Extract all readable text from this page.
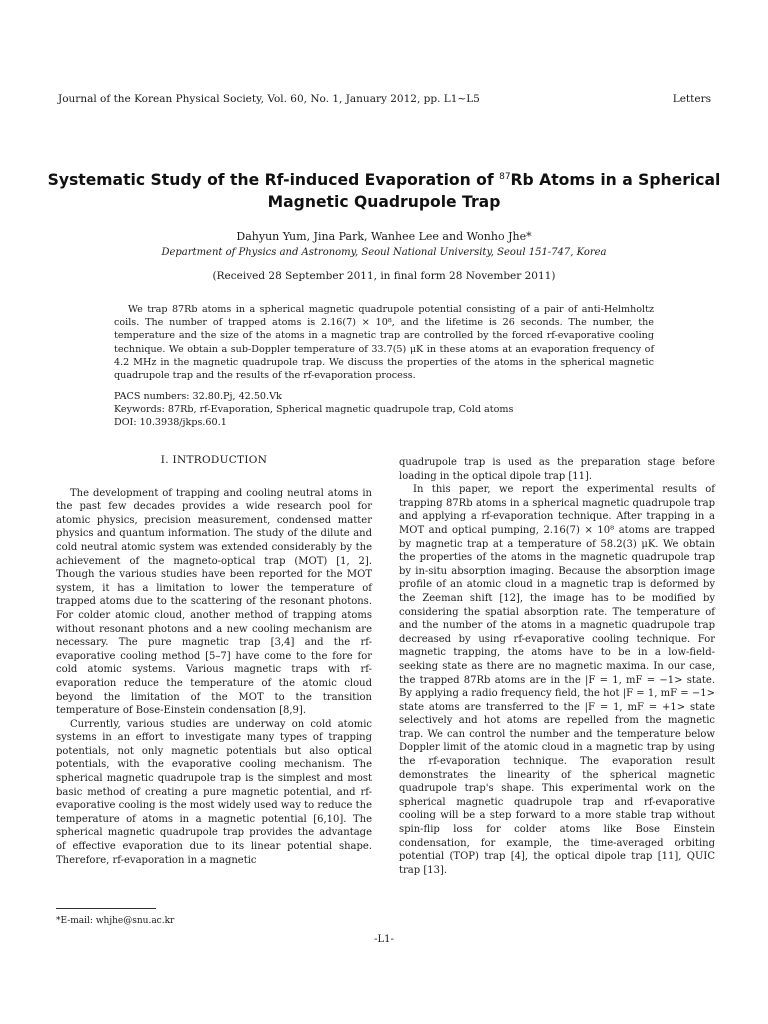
Journal of the Korean Physical Society, Vol. 60, No. 1, January 2012, pp. L1∼L5	Letters
Systematic Study of the Rf-induced Evaporation of $^{87}$Rb Atoms in a Spherical Magnetic Quadrupole Trap
Dahyun Yum, Jina Park, Wanhee Lee and Wonho Jhe*
Department of Physics and Astronomy, Seoul National University, Seoul 151-747, Korea
(Received 28 September 2011, in final form 28 November 2011)
We trap 87Rb atoms in a spherical magnetic quadrupole potential consisting of a pair of anti-Helmholtz coils. The number of trapped atoms is 2.16(7) × 10⁸, and the lifetime is 26 seconds. The number, the temperature and the size of the atoms in a magnetic trap are controlled by the forced rf-evaporative cooling technique. We obtain a sub-Doppler temperature of 33.7(5) μK in these atoms at an evaporation frequency of 4.2 MHz in the magnetic quadrupole trap. We discuss the properties of the atoms in the spherical magnetic quadrupole trap and the results of the rf-evaporation process.
PACS numbers: 32.80.Pj, 42.50.Vk
Keywords: 87Rb, rf-Evaporation, Spherical magnetic quadrupole trap, Cold atoms
DOI: 10.3938/jkps.60.1
I. INTRODUCTION

The development of trapping and cooling neutral atoms in the past few decades provides a wide research pool for atomic physics, precision measurement, condensed matter physics and quantum information. The study of the dilute and cold neutral atomic system was extended considerably by the achievement of the magneto-optical trap (MOT) [1, 2]. Though the various studies have been reported for the MOT system, it has a limitation to lower the temperature of trapped atoms due to the scattering of the resonant photons. For colder atomic cloud, another method of trapping atoms without resonant photons and a new cooling mechanism are necessary. The pure magnetic trap [3,4] and the rf-evaporative cooling method [5–7] have come to the fore for cold atomic systems. Various magnetic traps with rf-evaporation reduce the temperature of the atomic cloud beyond the limitation of the MOT to the transition temperature of Bose-Einstein condensation [8,9].

Currently, various studies are underway on cold atomic systems in an effort to investigate many types of trapping potentials, not only magnetic potentials but also optical potentials, with the evaporative cooling mechanism. The spherical magnetic quadrupole trap is the simplest and most basic method of creating a pure magnetic potential, and rf-evaporative cooling is the most widely used way to reduce the temperature of atoms in a magnetic potential [6,10]. The spherical magnetic quadrupole trap provides the advantage of effective evaporation due to its linear potential shape. Therefore, rf-evaporation in a magnetic

quadrupole trap is used as the preparation stage before loading in the optical dipole trap [11].

In this paper, we report the experimental results of trapping 87Rb atoms in a spherical magnetic quadrupole trap and applying a rf-evaporation technique. After trapping in a MOT and optical pumping, 2.16(7) × 10⁸ atoms are trapped by magnetic trap at a temperature of 58.2(3) μK. We obtain the properties of the atoms in the magnetic quadrupole trap by in-situ absorption imaging. Because the absorption image profile of an atomic cloud in a magnetic trap is deformed by the Zeeman shift [12], the image has to be modified by considering the spatial absorption rate. The temperature of and the number of the atoms in a magnetic quadrupole trap decreased by using rf-evaporative cooling technique. For magnetic trapping, the atoms have to be in a low-field-seeking state as there are no magnetic maxima. In our case, the trapped 87Rb atoms are in the |F = 1, mF = −1> state. By applying a radio frequency field, the hot |F = 1, mF = −1> state atoms are transferred to the |F = 1, mF = +1> state selectively and hot atoms are repelled from the magnetic trap. We can control the number and the temperature below Doppler limit of the atomic cloud in a magnetic trap by using the rf-evaporation technique. The evaporation result demonstrates the linearity of the spherical magnetic quadrupole trap's shape. This experimental work on the spherical magnetic quadrupole trap and rf-evaporative cooling will be a step forward to a more stable trap without spin-flip loss for colder atoms like Bose Einstein condensation, for example, the time-averaged orbiting potential (TOP) trap [4], the optical dipole trap [11], QUIC trap [13].

*E-mail: whjhe@snu.ac.kr
-L1-
